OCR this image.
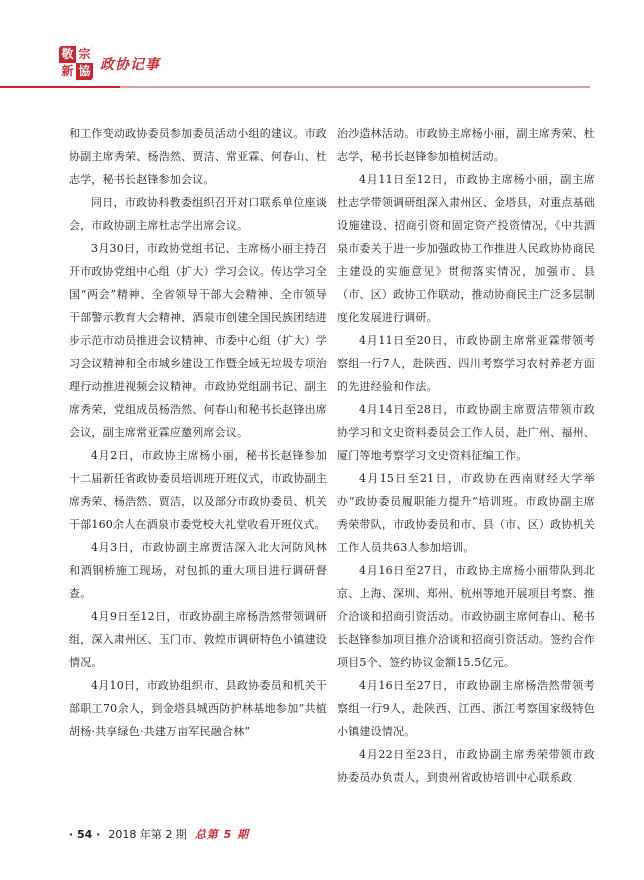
敬 宗
新 協 政协记事

和工作变动政协委员参加委员活动小组的建议。市政协副主席秀荣、杨浩然、贾洁、常亚霖、何春山、杜志学，秘书长赵锋参加会议。

同日，市政协科教委组织召开对口联系单位座谈会，市政协副主席杜志学出席会议。

3月30日，市政协党组书记、主席杨小丽主持召开市政协党组中心组（扩大）学习会议。传达学习全国“两会”精神、全省领导干部大会精神、全市领导干部警示教育大会精神、酒泉市创建全国民族团结进步示范市动员推进会议精神、市委中心组（扩大）学习会议精神和全市城乡建设工作暨全域无垃圾专项治理行动推进视频会议精神。市政协党组副书记、副主席秀荣，党组成员杨浩然、何春山和秘书长赵锋出席会议，副主席常亚霖应邀列席会议。

4月2日，市政协主席杨小丽，秘书长赵锋参加十二届新任省政协委员培训班开班仪式，市政协副主席秀荣、杨浩然、贾洁，以及部分市政协委员、机关干部160余人在酒泉市委党校大礼堂收看开班仪式。

4月3日，市政协副主席贾洁深入北大河防风林和酒钢桥施工现场，对包抓的重大项目进行调研督查。

4月9日至12日，市政协副主席杨浩然带领调研组，深入肃州区、玉门市、敦煌市调研特色小镇建设情况。

4月10日，市政协组织市、县政协委员和机关干部职工70余人，到金塔县城西防护林基地参加“共植胡杨·共享绿色·共建万亩军民融合林”

治沙造林活动。市政协主席杨小丽，副主席秀荣、杜志学，秘书长赵锋参加植树活动。

4月11日至12日，市政协主席杨小丽，副主席杜志学带领调研组深入肃州区、金塔县，对重点基础设施建设、招商引资和固定资产投资情况，《中共酒泉市委关于进一步加强政协工作推进人民政协协商民主建设的实施意见》贯彻落实情况，加强市、县（市、区）政协工作联动，推动协商民主广泛多层制度化发展进行调研。

4月11日至20日，市政协副主席常亚霖带领考察组一行7人，赴陕西、四川考察学习农村养老方面的先进经验和作法。

4月14日至28日，市政协副主席贾洁带领市政协学习和文史资料委员会工作人员，赴广州、福州、厦门等地考察学习文史资料征编工作。

4月15日至21日，市政协在西南财经大学举办“政协委员履职能力提升”培训班。市政协副主席秀荣带队，市政协委员和市、县（市、区）政协机关工作人员共63人参加培训。

4月16日至27日，市政协主席杨小丽带队到北京、上海、深圳、郑州、杭州等地开展项目考察、推介洽谈和招商引资活动。市政协副主席何春山、秘书长赵锋参加项目推介洽谈和招商引资活动。签约合作项目5个、签约协议金额15.5亿元。

4月16日至27日，市政协副主席杨浩然带领考察组一行9人，赴陕西、江西、浙江考察国家级特色小镇建设情况。

4月22日至23日，市政协副主席秀荣带领市政协委员办负责人，到贵州省政协培训中心联系政

· 54 · 2018 年第 2 期 总第 5 期
